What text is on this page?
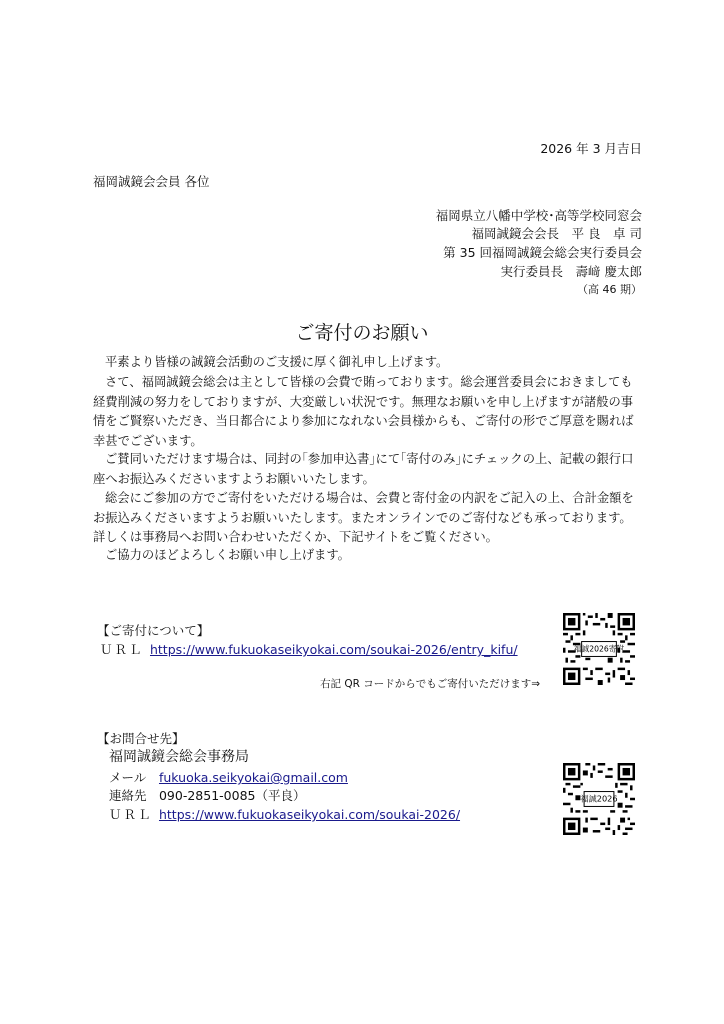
2026 年 3 月吉日
福岡誠鏡会会員 各位
福岡県立八幡中学校･高等学校同窓会
福岡誠鏡会会長　平 良　卓 司
第 35 回福岡誠鏡会総会実行委員会
実行委員長　壽﨑 慶太郎
（高 46 期）
ご寄付のお願い
平素より皆様の誠鏡会活動のご支援に厚く御礼申し上げます。
さて、福岡誠鏡会総会は主として皆様の会費で賄っております。総会運営委員会におきましても経費削減の努力をしておりますが、大変厳しい状況です。無理なお願いを申し上げますが諸般の事情をご賢察いただき、当日都合により参加になれない会員様からも、ご寄付の形でご厚意を賜れば幸甚でございます。
ご賛同いただけます場合は、同封の｢参加申込書｣にて｢寄付のみ｣にチェックの上、記載の銀行口座へお振込みくださいますようお願いいたします。
総会にご参加の方でご寄付をいただける場合は、会費と寄付金の内訳をご記入の上、合計金額をお振込みくださいますようお願いいたします。またオンラインでのご寄付なども承っております。詳しくは事務局へお問い合わせいただくか、下記サイトをご覧ください。
ご協力のほどよろしくお願い申し上げます。
【ご寄付について】
ＵＲＬ https://www.fukuokaseikyokai.com/soukai-2026/entry_kifu/
右記 QR コードからでもご寄付いただけます⇒
福誠2026寄附
【お問合せ先】
福岡誠鏡会総会事務局
メール fukuoka.seikyokai@gmail.com
連絡先 090-2851-0085（平良）
ＵＲＬ https://www.fukuokaseikyokai.com/soukai-2026/
福誠2026
